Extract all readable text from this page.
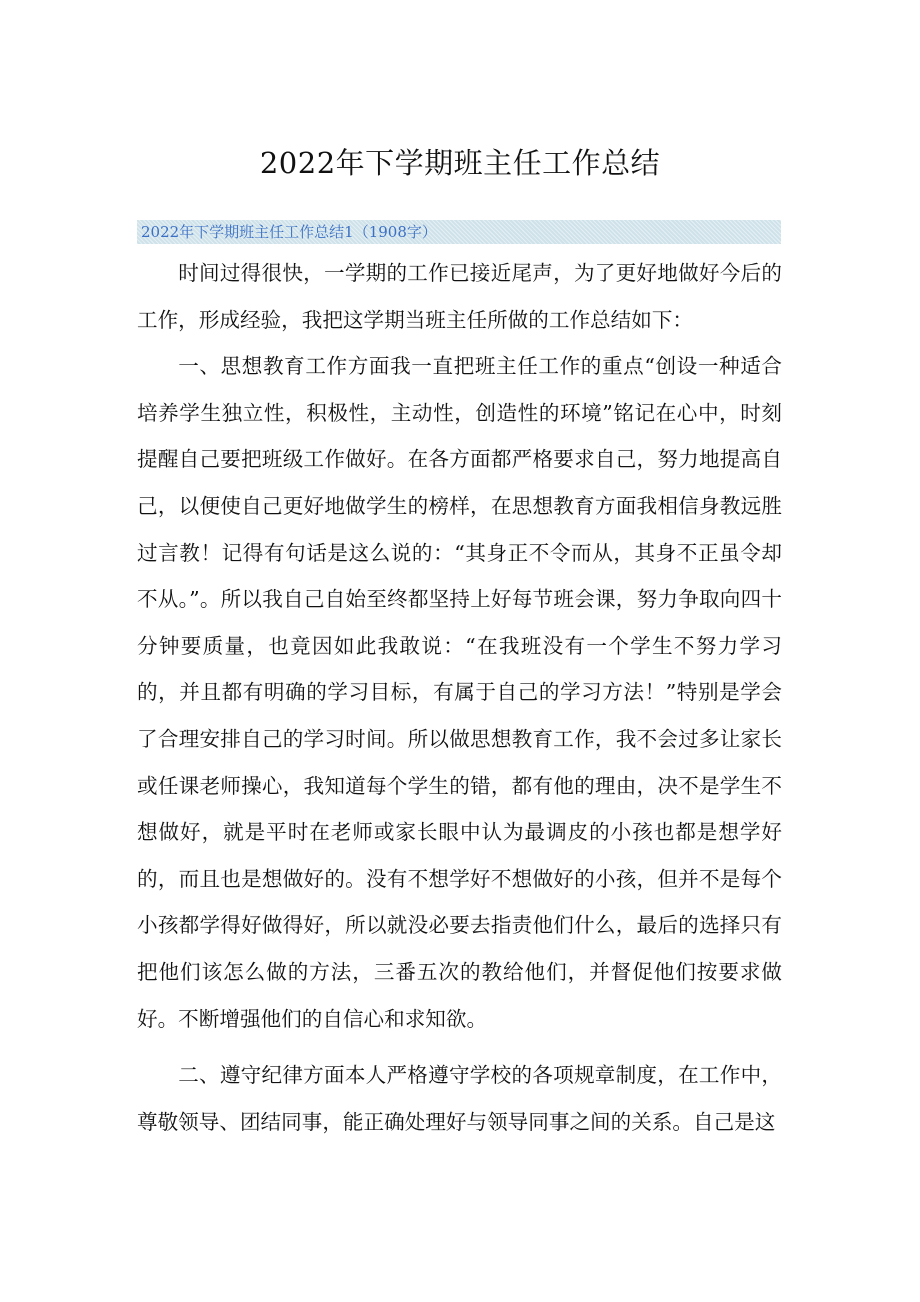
2022年下学期班主任工作总结
2022年下学期班主任工作总结1（1908字）

时间过得很快，一学期的工作已接近尾声，为了更好地做好今后的工作，形成经验，我把这学期当班主任所做的工作总结如下：

一、思想教育工作方面我一直把班主任工作的重点“创设一种适合培养学生独立性，积极性，主动性，创造性的环境”铭记在心中，时刻提醒自己要把班级工作做好。在各方面都严格要求自己，努力地提高自己，以便使自己更好地做学生的榜样，在思想教育方面我相信身教远胜过言教！记得有句话是这么说的：“其身正不令而从，其身不正虽令却不从。”。所以我自己自始至终都坚持上好每节班会课，努力争取向四十分钟要质量，也竟因如此我敢说：“在我班没有一个学生不努力学习的，并且都有明确的学习目标，有属于自己的学习方法！”特别是学会了合理安排自己的学习时间。所以做思想教育工作，我不会过多让家长或任课老师操心，我知道每个学生的错，都有他的理由，决不是学生不想做好，就是平时在老师或家长眼中认为最调皮的小孩也都是想学好的，而且也是想做好的。没有不想学好不想做好的小孩，但并不是每个小孩都学得好做得好，所以就没必要去指责他们什么，最后的选择只有把他们该怎么做的方法，三番五次的教给他们，并督促他们按要求做好。不断增强他们的自信心和求知欲。

二、遵守纪律方面本人严格遵守学校的各项规章制度，在工作中，尊敬领导、团结同事，能正确处理好与领导同事之间的关系。自己是这
